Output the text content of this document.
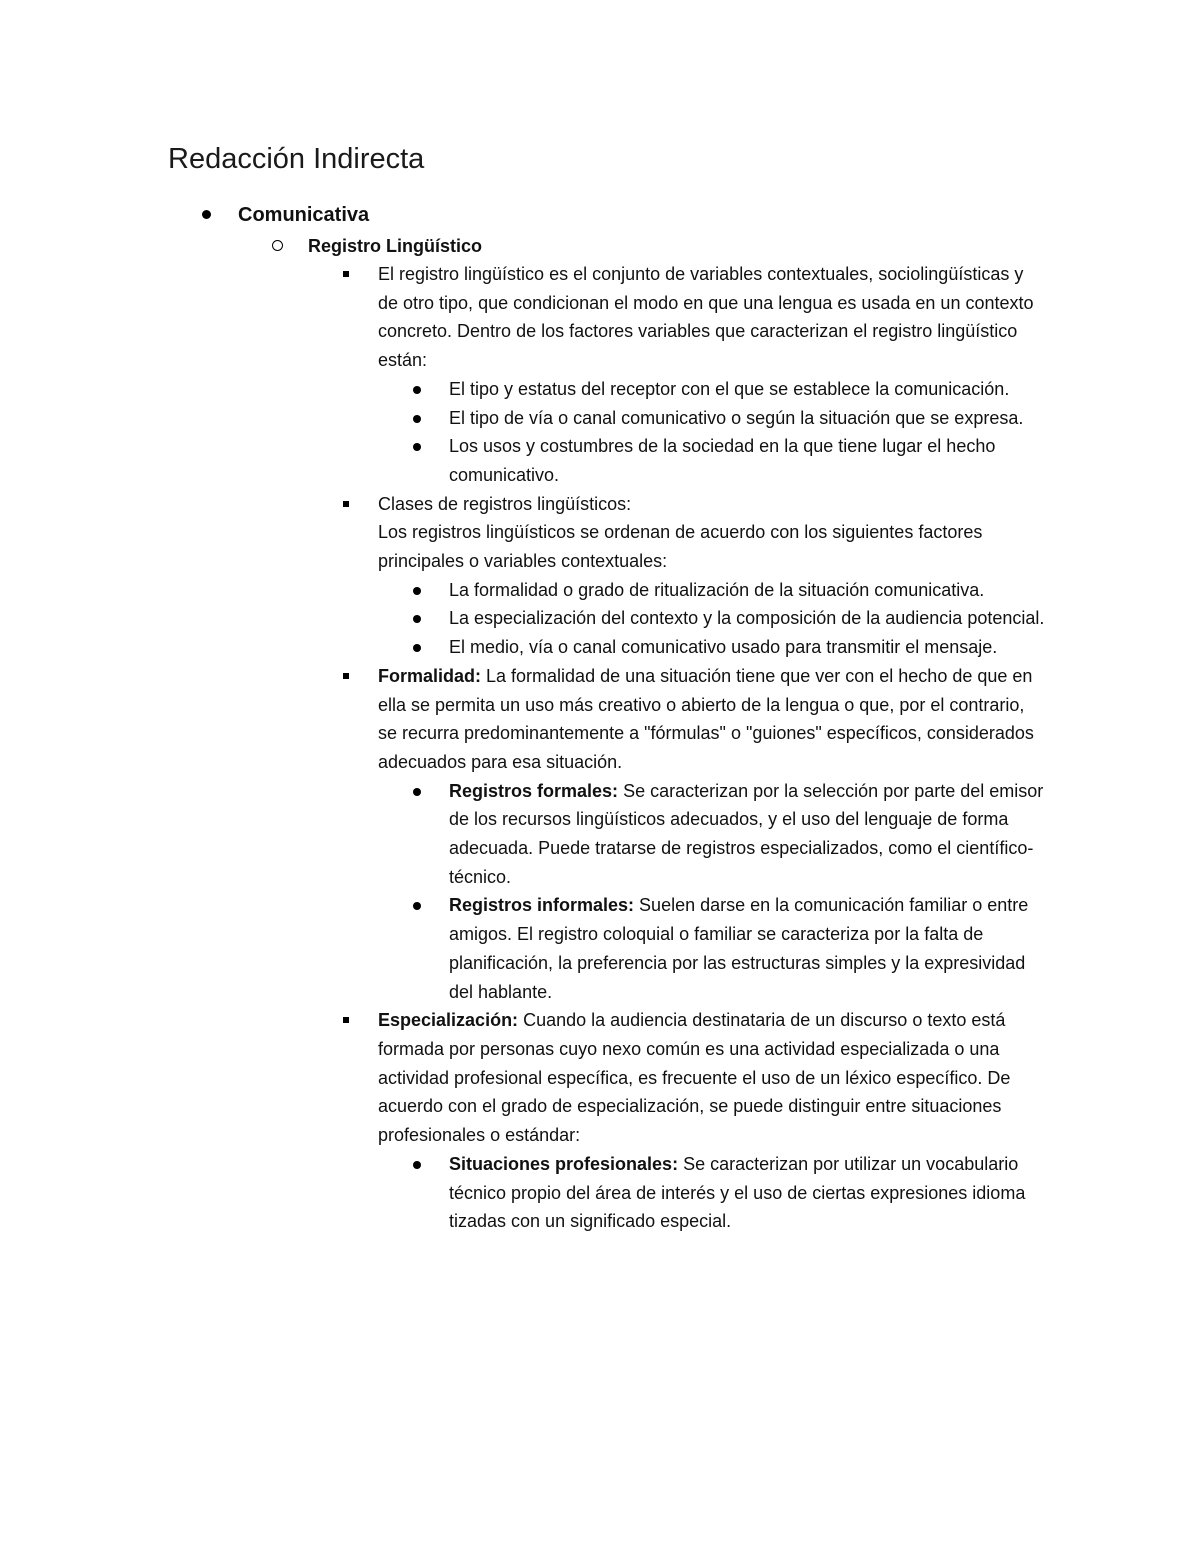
Redacción Indirecta
Comunicativa
Registro Lingüístico

El registro lingüístico es el conjunto de variables contextuales, sociolingüísticas y de otro tipo, que condicionan el modo en que una lengua es usada en un contexto concreto. Dentro de los factores variables que caracterizan el registro lingüístico están:

El tipo y estatus del receptor con el que se establece la comunicación.

El tipo de vía o canal comunicativo o según la situación que se expresa.

Los usos y costumbres de la sociedad en la que tiene lugar el hecho comunicativo.

Clases de registros lingüísticos:

Los registros lingüísticos se ordenan de acuerdo con los siguientes factores principales o variables contextuales:

La formalidad o grado de ritualización de la situación comunicativa.

La especialización del contexto y la composición de la audiencia potencial.

El medio, vía o canal comunicativo usado para transmitir el mensaje.

Formalidad: La formalidad de una situación tiene que ver con el hecho de que en ella se permita un uso más creativo o abierto de la lengua o que, por el contrario, se recurra predominantemente a "fórmulas" o "guiones" específicos, considerados adecuados para esa situación.

Registros formales: Se caracterizan por la selección por parte del emisor de los recursos lingüísticos adecuados, y el uso del lenguaje de forma adecuada. Puede tratarse de registros especializados, como el científico-técnico.

Registros informales: Suelen darse en la comunicación familiar o entre amigos. El registro coloquial o familiar se caracteriza por la falta de planificación, la preferencia por las estructuras simples y la expresividad del hablante.

Especialización: Cuando la audiencia destinataria de un discurso o texto está formada por personas cuyo nexo común es una actividad especializada o una actividad profesional específica, es frecuente el uso de un léxico específico. De acuerdo con el grado de especialización, se puede distinguir entre situaciones profesionales o estándar:

Situaciones profesionales: Se caracterizan por utilizar un vocabulario técnico propio del área de interés y el uso de ciertas expresiones idioma tizadas con un significado especial.
